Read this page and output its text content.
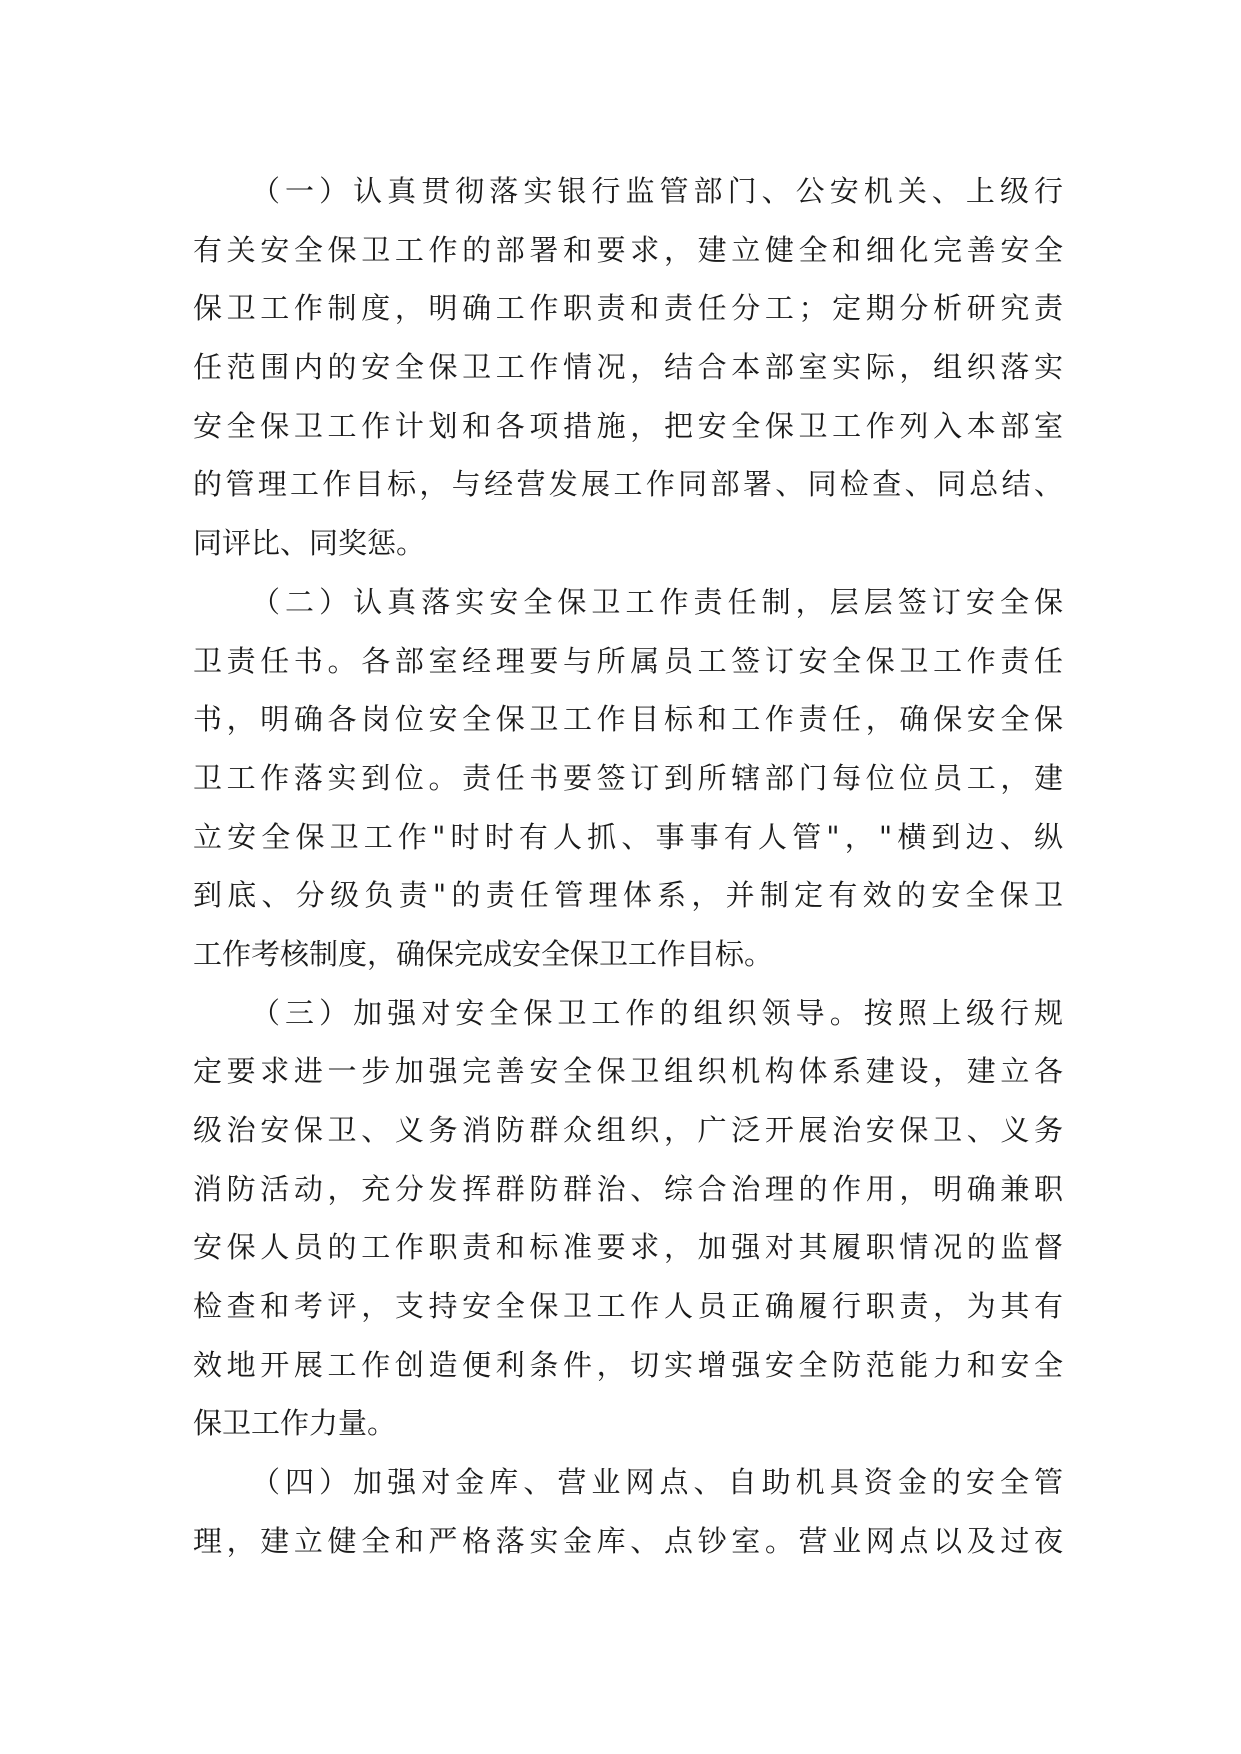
（一）认真贯彻落实银行监管部门、公安机关、上级行
有关安全保卫工作的部署和要求，建立健全和细化完善安全
保卫工作制度，明确工作职责和责任分工；定期分析研究责
任范围内的安全保卫工作情况，结合本部室实际，组织落实
安全保卫工作计划和各项措施，把安全保卫工作列入本部室
的管理工作目标，与经营发展工作同部署、同检查、同总结、
同评比、同奖惩。
（二）认真落实安全保卫工作责任制，层层签订安全保
卫责任书。各部室经理要与所属员工签订安全保卫工作责任
书，明确各岗位安全保卫工作目标和工作责任，确保安全保
卫工作落实到位。责任书要签订到所辖部门每位位员工，建
立安全保卫工作"时时有人抓、事事有人管"，"横到边、纵
到底、分级负责"的责任管理体系，并制定有效的安全保卫
工作考核制度，确保完成安全保卫工作目标。
（三）加强对安全保卫工作的组织领导。按照上级行规
定要求进一步加强完善安全保卫组织机构体系建设，建立各
级治安保卫、义务消防群众组织，广泛开展治安保卫、义务
消防活动，充分发挥群防群治、综合治理的作用，明确兼职
安保人员的工作职责和标准要求，加强对其履职情况的监督
检查和考评，支持安全保卫工作人员正确履行职责，为其有
效地开展工作创造便利条件，切实增强安全防范能力和安全
保卫工作力量。
（四）加强对金库、营业网点、自助机具资金的安全管
理，建立健全和严格落实金库、点钞室。营业网点以及过夜
